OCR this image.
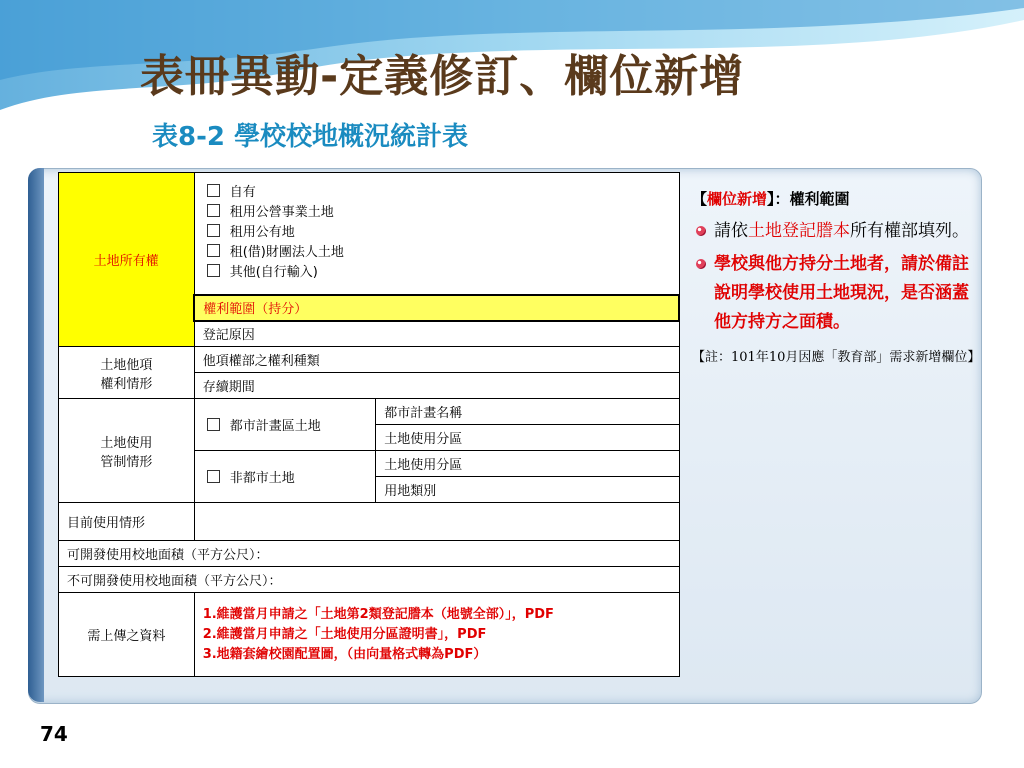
表冊異動-定義修訂、欄位新增
表8-2 學校校地概況統計表
土地所有權	自有
租用公營事業土地
租用公有地
租(借)財團法人土地
其他(自行輸入)	

	權利範圍（持分）	
	登記原因	
土地他項
權利情形	他項權部之權利種類	
	存續期間	
土地使用
管制情形	都市計畫區土地	都市計畫名稱
		土地使用分區
	非都市土地	土地使用分區
		用地類別
目前使用情形		
可開發使用校地面積（平方公尺）：		
不可開發使用校地面積（平方公尺）：		
需上傳之資料	1.維護當月申請之「土地第2類登記謄本（地號全部）」，PDF
2.維護當月申請之「土地使用分區證明書」，PDF
3.地籍套繪校園配置圖，（由向量格式轉為PDF）	
【欄位新增】：權利範圍
請依土地登記謄本所有權部填列。
學校與他方持分土地者，請於備註說明學校使用土地現況，是否涵蓋他方持方之面積。
【註：101年10月因應「教育部」需求新增欄位】
74
